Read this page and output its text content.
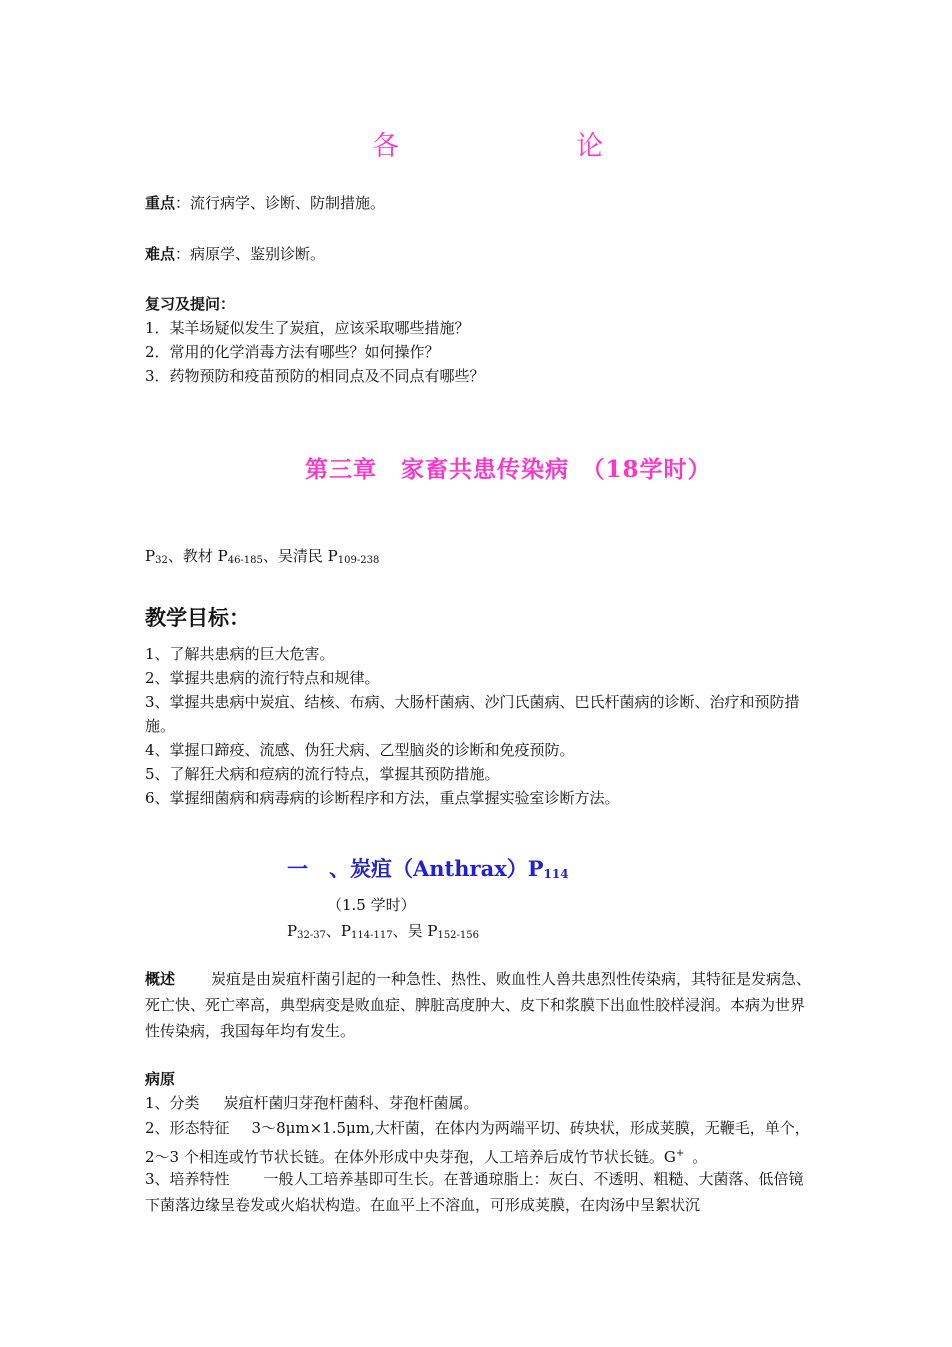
各	论
重点：流行病学、诊断、防制措施。
难点：病原学、鉴别诊断。

复习及提问：

1．某羊场疑似发生了炭疽，应该采取哪些措施？

2．常用的化学消毒方法有哪些？如何操作？

3．药物预防和疫苗预防的相同点及不同点有哪些？

第三章　家畜共患传染病　（18学时）
$P_{32}$、教材 $P_{46-185}$、吴清民 $P_{109-238}$
教学目标：

1、了解共患病的巨大危害。

2、掌握共患病的流行特点和规律。

3、掌握共患病中炭疽、结核、布病、大肠杆菌病、沙门氏菌病、巴氏杆菌病的诊断、治疗和预防措施。

4、掌握口蹄疫、流感、伪狂犬病、乙型脑炎的诊断和免疫预防。

5、了解狂犬病和痘病的流行特点，掌握其预防措施。

6、掌握细菌病和病毒病的诊断程序和方法，重点掌握实验室诊断方法。

一　、炭疽（Anthrax）P114
（1.5 学时）
$P_{32-37}$、$P_{114-117}$、吴 $P_{152-156}$
概述 炭疽是由炭疽杆菌引起的一种急性、热性、败血性人兽共患烈性传染病，其特征是发病急、死亡快、死亡率高，典型病变是败血症、脾脏高度肿大、皮下和浆膜下出血性胶样浸润。本病为世界性传染病，我国每年均有发生。
病原
1、分类 炭疽杆菌归芽孢杆菌科、芽孢杆菌属。
2、形态特征 3～8μm×1.5μm,大杆菌，在体内为两端平切、砖块状，形成荚膜，无鞭毛，单个，2～3 个相连或竹节状长链。在体外形成中央芽孢，人工培养后成竹节状长链。G+ 。
3、培养特性 一般人工培养基即可生长。在普通琼脂上：灰白、不透明、粗糙、大菌落、低倍镜下菌落边缘呈卷发或火焰状构造。在血平上不溶血，可形成荚膜，在肉汤中呈絮状沉
